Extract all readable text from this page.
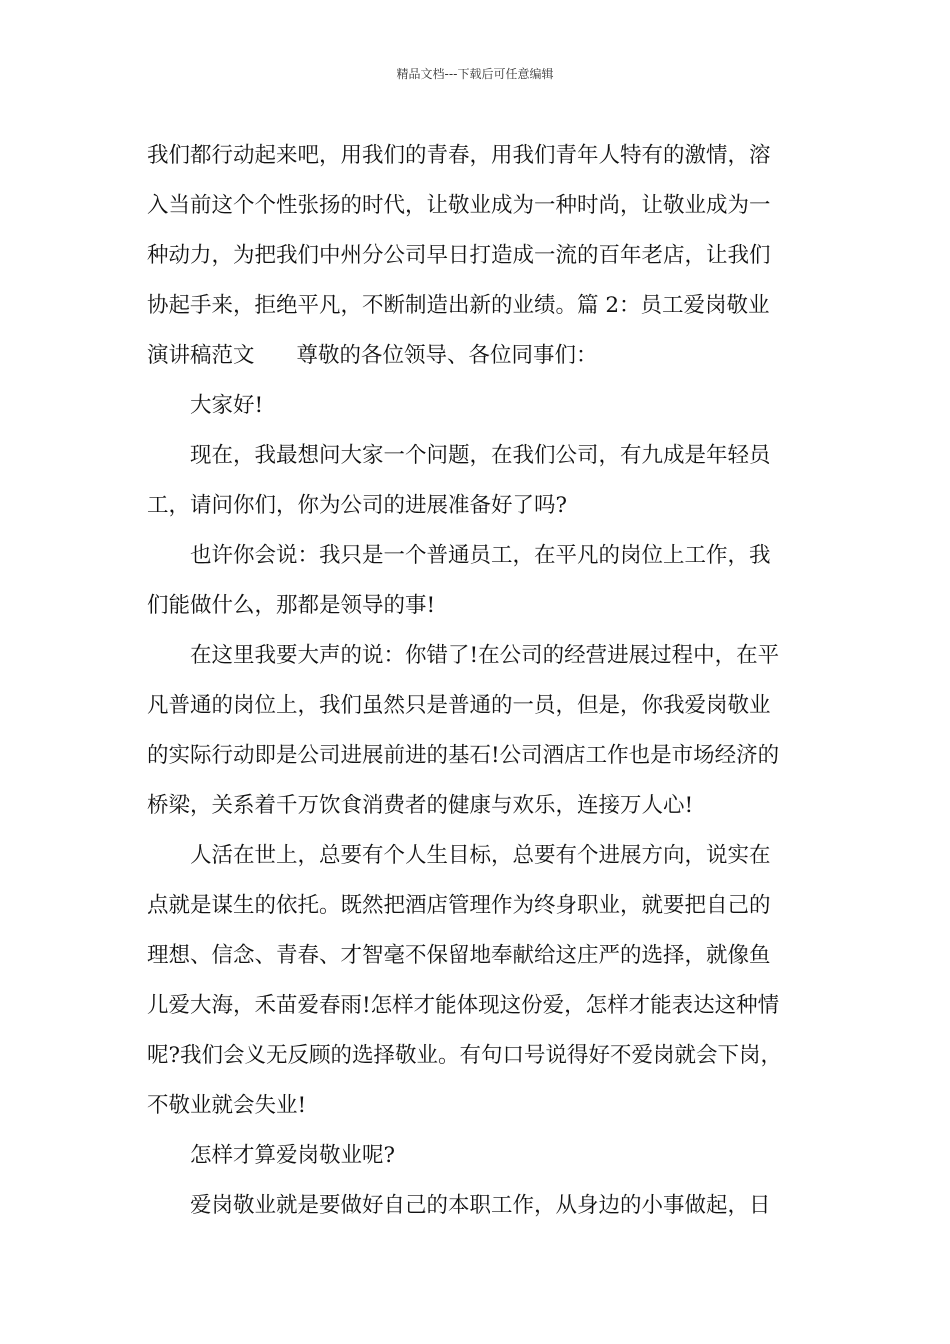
精品文档---下载后可任意编辑

我们都行动起来吧，用我们的青春，用我们青年人特有的激情，溶
入当前这个个性张扬的时代，让敬业成为一种时尚，让敬业成为一
种动力，为把我们中州分公司早日打造成一流的百年老店，让我们
协起手来，拒绝平凡，不断制造出新的业绩。篇 2：员工爱岗敬业
演讲稿范文 尊敬的各位领导、各位同事们：

大家好!

现在，我最想问大家一个问题，在我们公司，有九成是年轻员
工，请问你们，你为公司的进展准备好了吗?

也许你会说：我只是一个普通员工，在平凡的岗位上工作，我
们能做什么，那都是领导的事!

在这里我要大声的说：你错了!在公司的经营进展过程中，在平
凡普通的岗位上，我们虽然只是普通的一员，但是，你我爱岗敬业
的实际行动即是公司进展前进的基石!公司酒店工作也是市场经济的
桥梁，关系着千万饮食消费者的健康与欢乐，连接万人心!

人活在世上，总要有个人生目标，总要有个进展方向，说实在
点就是谋生的依托。既然把酒店管理作为终身职业，就要把自己的
理想、信念、青春、才智毫不保留地奉献给这庄严的选择，就像鱼
儿爱大海，禾苗爱春雨!怎样才能体现这份爱，怎样才能表达这种情
呢?我们会义无反顾的选择敬业。有句口号说得好不爱岗就会下岗，
不敬业就会失业!

怎样才算爱岗敬业呢?

爱岗敬业就是要做好自己的本职工作，从身边的小事做起，日
